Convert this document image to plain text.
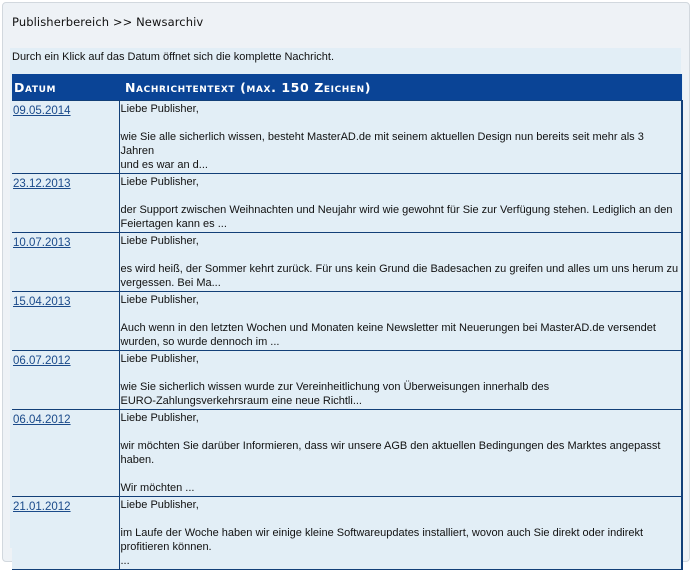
Publisherbereich >> Newsarchiv
Durch ein Klick auf das Datum öffnet sich die komplette Nachricht.
Datum	Nachrichtentext (max. 150 Zeichen)
09.05.2014	Liebe Publisher,
wie Sie alle sicherlich wissen, besteht MasterAD.de mit seinem aktuellen Design nun bereits seit mehr als 3 Jahren
und es war an d...

23.12.2013	Liebe Publisher,
der Support zwischen Weihnachten und Neujahr wird wie gewohnt für Sie zur Verfügung stehen. Lediglich an den
Feiertagen kann es ...

10.07.2013	Liebe Publisher,
es wird heiß, der Sommer kehrt zurück. Für uns kein Grund die Badesachen zu greifen und alles um uns herum zu
vergessen. Bei Ma...

15.04.2013	Liebe Publisher,
Auch wenn in den letzten Wochen und Monaten keine Newsletter mit Neuerungen bei MasterAD.de versendet
wurden, so wurde dennoch im ...

06.07.2012	Liebe Publisher,
wie Sie sicherlich wissen wurde zur Vereinheitlichung von Überweisungen innerhalb des
EURO-Zahlungsverkehrsraum eine neue Richtli...

06.04.2012	Liebe Publisher,
wir möchten Sie darüber Informieren, dass wir unsere AGB den aktuellen Bedingungen des Marktes angepasst
haben.
Wir möchten ...

21.01.2012	Liebe Publisher,
im Laufe der Woche haben wir einige kleine Softwareupdates installiert, wovon auch Sie direkt oder indirekt
profitieren können.
...
